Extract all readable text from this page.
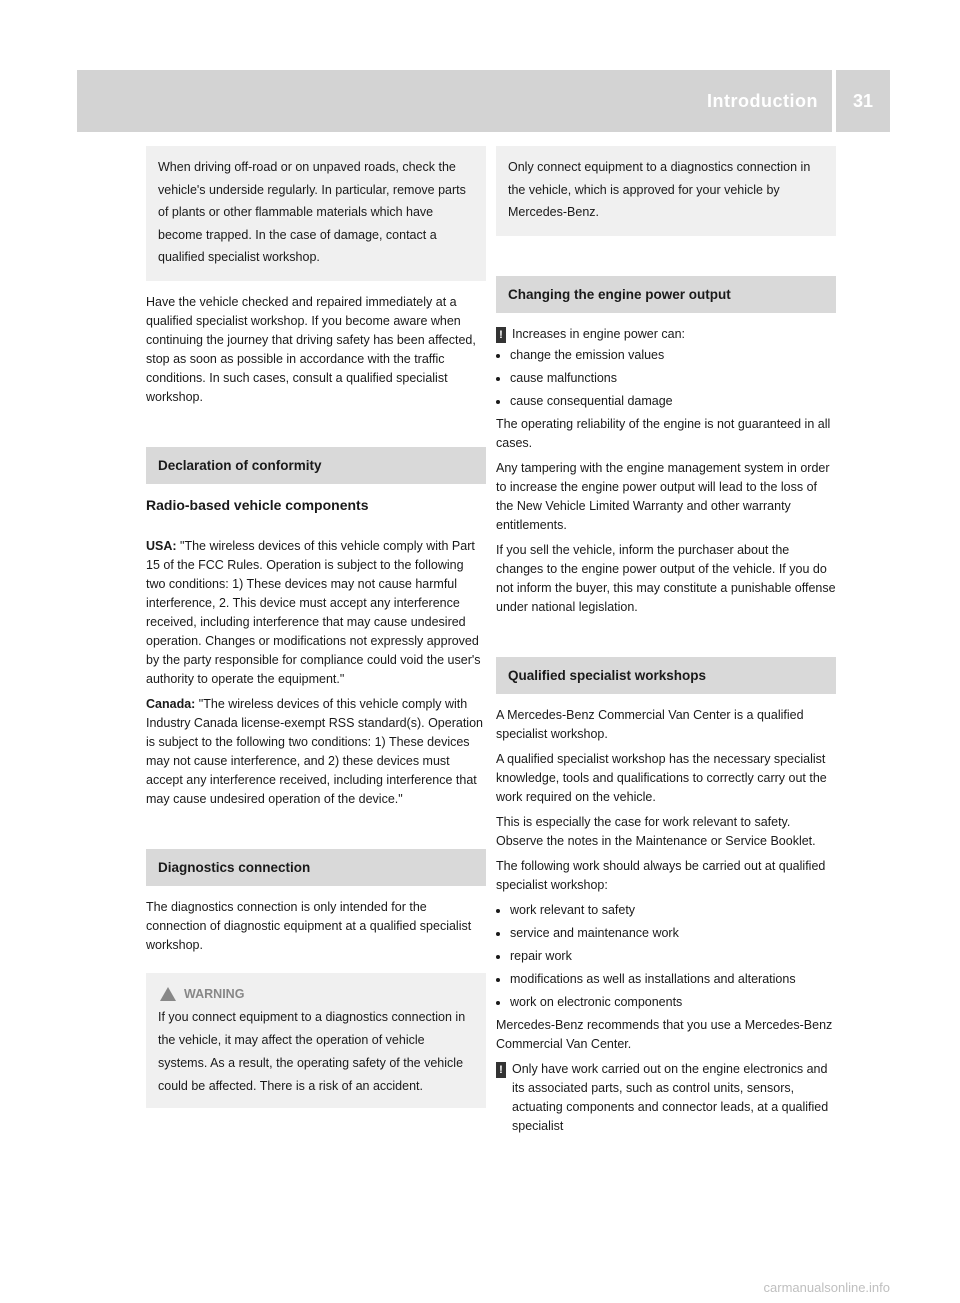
Introduction	31
When driving off-road or on unpaved roads, check the vehicle's underside regularly. In particular, remove parts of plants or other flammable materials which have become trapped. In the case of damage, contact a qualified specialist workshop.

Have the vehicle checked and repaired immediately at a qualified specialist workshop. If you become aware when continuing the journey that driving safety has been affected, stop as soon as possible in accordance with the traffic conditions. In such cases, consult a qualified specialist workshop.

Declaration of conformity
Radio-based vehicle components

USA: "The wireless devices of this vehicle comply with Part 15 of the FCC Rules. Operation is subject to the following two conditions: 1) These devices may not cause harmful interference, 2. This device must accept any interference received, including interference that may cause undesired operation. Changes or modifications not expressly approved by the party responsible for compliance could void the user's authority to operate the equipment."

Canada: "The wireless devices of this vehicle comply with Industry Canada license-exempt RSS standard(s). Operation is subject to the following two conditions: 1) These devices may not cause interference, and 2) these devices must accept any interference received, including interference that may cause undesired operation of the device."

Diagnostics connection

The diagnostics connection is only intended for the connection of diagnostic equipment at a qualified specialist workshop.

WARNING
If you connect equipment to a diagnostics connection in the vehicle, it may affect the operation of vehicle systems. As a result, the operating safety of the vehicle could be affected. There is a risk of an accident.
Only connect equipment to a diagnostics connection in the vehicle, which is approved for your vehicle by Mercedes-Benz.
Changing the engine power output
! Increases in engine power can:
• change the emission values
• cause malfunctions
• cause consequential damage

The operating reliability of the engine is not guaranteed in all cases.

Any tampering with the engine management system in order to increase the engine power output will lead to the loss of the New Vehicle Limited Warranty and other warranty entitlements.

If you sell the vehicle, inform the purchaser about the changes to the engine power output of the vehicle. If you do not inform the buyer, this may constitute a punishable offense under national legislation.

Qualified specialist workshops

A Mercedes-Benz Commercial Van Center is a qualified specialist workshop.

A qualified specialist workshop has the necessary specialist knowledge, tools and qualifications to correctly carry out the work required on the vehicle.

This is especially the case for work relevant to safety. Observe the notes in the Maintenance or Service Booklet.

The following work should always be carried out at qualified specialist workshop:

• work relevant to safety
• service and maintenance work
• repair work
• modifications as well as installations and alterations
• work on electronic components

Mercedes-Benz recommends that you use a Mercedes-Benz Commercial Van Center.

! Only have work carried out on the engine electronics and its associated parts, such as control units, sensors, actuating components and connector leads, at a qualified specialist
carmanualsonline.info
